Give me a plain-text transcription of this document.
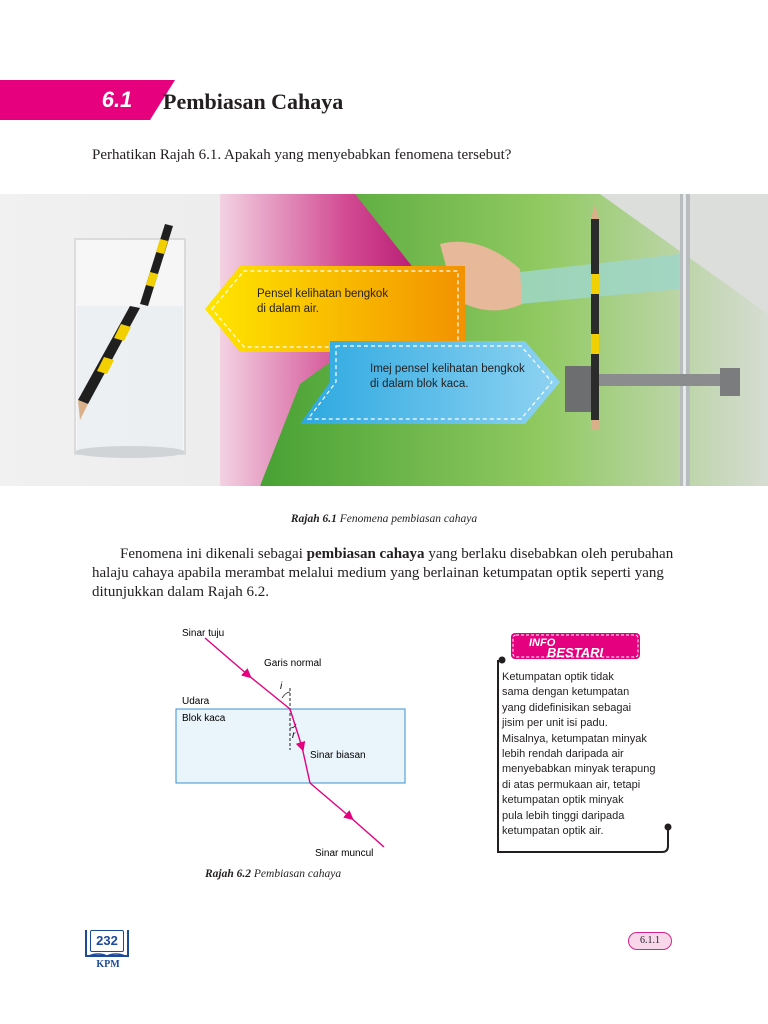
6.1	Pembiasan Cahaya
Perhatikan Rajah 6.1. Apakah yang menyebabkan fenomena tersebut?
Pensel kelihatan bengkok
di dalam air.
Imej pensel kelihatan bengkok
di dalam blok kaca.
Rajah 6.1 Fenomena pembiasan cahaya

Fenomena ini dikenali sebagai pembiasan cahaya yang berlaku disebabkan oleh perubahan halaju cahaya apabila merambat melalui medium yang berlainan ketumpatan optik seperti yang ditunjukkan dalam Rajah 6.2.

Sinar tuju
Garis normal
Udara
Blok kaca
Sinar biasan
Sinar muncul
i
r
Rajah 6.2 Pembiasan cahaya
INFO
BESTARI
Ketumpatan optik tidak
sama dengan ketumpatan
yang didefinisikan sebagai
jisim per unit isi padu.
Misalnya, ketumpatan minyak
lebih rendah daripada air
menyebabkan minyak terapung
di atas permukaan air, tetapi
ketumpatan optik minyak
pula lebih tinggi daripada
ketumpatan optik air.
232
KPM
6.1.1
